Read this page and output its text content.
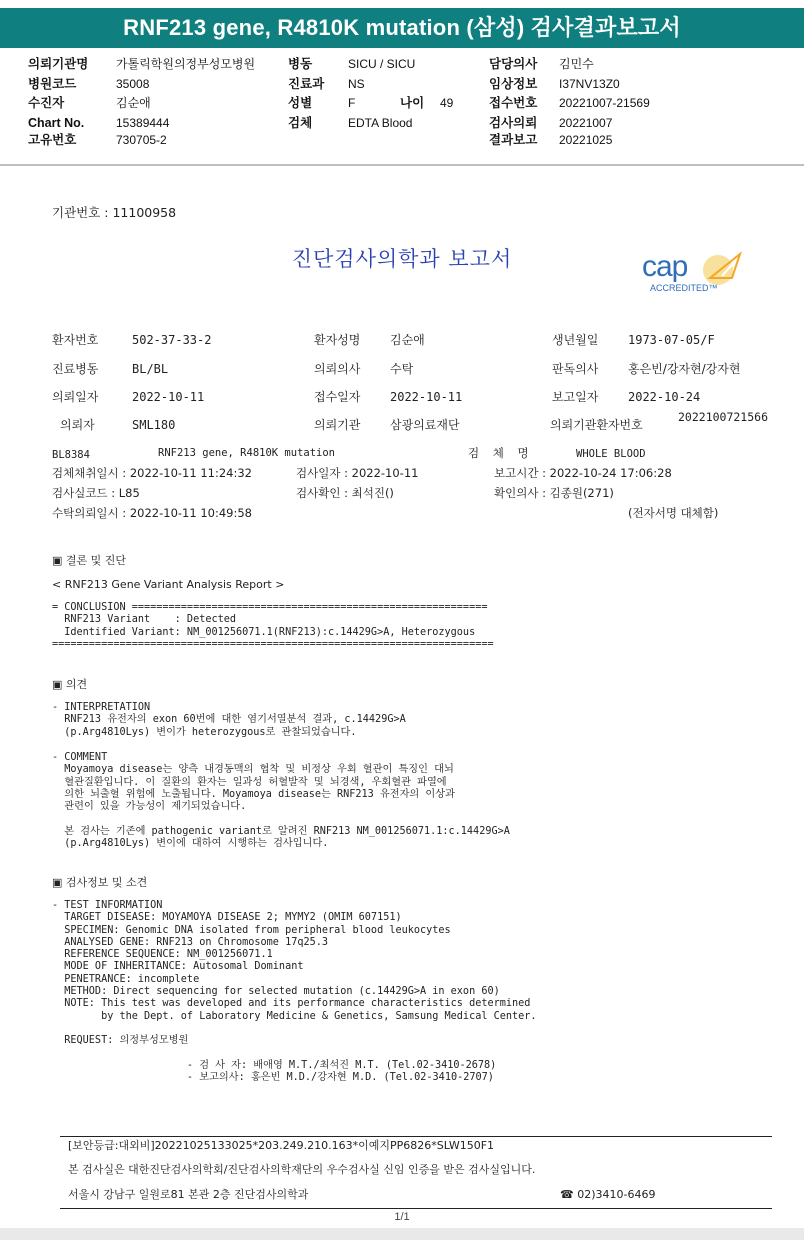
RNF213 gene, R4810K mutation (삼성) 검사결과보고서
의뢰기관명 가톨릭학원의정부성모병원
병원코드	35008
수진자	김순애
Chart No.	15389444
고유번호	730705-2
병동	SICU / SICU
진료과 NS
성별	F	나이 49
검체	EDTA Blood
담당의사 김민수
임상정보 I37NV13Z0
접수번호 20221007-21569
검사의뢰 20221007
결과보고 20221025
기관번호 : 11100958
진단검사의학과 보고서	cap
ACCREDITED™
환자번호	502-37-33-2	환자성명 김순애	생년월일 1973-07-05/F
진료병동	BL/BL	의뢰의사 수탁	판독의사 홍은빈/강자현/강자현
의뢰일자	2022-10-11	접수일자 2022-10-11	보고일자 2022-10-24
의뢰자	SML180	의뢰기관 삼광의료재단	의뢰기관환자번호
2022100721566
BL8384	RNF213 gene, R4810K mutation	검 체 명	WHOLE BLOOD
검체채취일시 : 2022-10-11 11:24:32	검사일자 : 2022-10-11	보고시간 : 2022-10-24 17:06:28
검사실코드 : L85	검사확인 : 최석진()	확인의사 : 김종원(271)
수탁의뢰일시 : 2022-10-11 10:49:58	(전자서명 대체함)
▣ 결론 및 진단
< RNF213 Gene Variant Analysis Report >
= CONCLUSION ==========================================================
RNF213 Variant    : Detected
Identified Variant: NM_001256071.1(RNF213):c.14429G>A, Heterozygous
========================================================================
▣ 의견
- INTERPRETATION
RNF213 유전자의 exon 60번에 대한 염기서열분석 결과, c.14429G>A
(p.Arg4810Lys) 변이가 heterozygous로 관찰되었습니다.
- COMMENT
Moyamoya disease는 양측 내경동맥의 협착 및 비정상 우회 혈관이 특징인 대뇌
혈관질환입니다. 이 질환의 환자는 일과성 허혈발작 및 뇌경색, 우회혈관 파열에
의한 뇌출혈 위험에 노출됩니다. Moyamoya disease는 RNF213 유전자의 이상과
관련이 있을 가능성이 제기되었습니다.

본 검사는 기존에 pathogenic variant로 알려진 RNF213 NM_001256071.1:c.14429G>A
(p.Arg4810Lys) 변이에 대하여 시행하는 검사입니다.
▣ 검사정보 및 소견
- TEST INFORMATION
TARGET DISEASE: MOYAMOYA DISEASE 2; MYMY2 (OMIM 607151)
SPECIMEN: Genomic DNA isolated from peripheral blood leukocytes
ANALYSED GENE: RNF213 on Chromosome 17q25.3
REFERENCE SEQUENCE: NM_001256071.1
MODE OF INHERITANCE: Autosomal Dominant
PENETRANCE: incomplete
METHOD: Direct sequencing for selected mutation (c.14429G>A in exon 60)
NOTE: This test was developed and its performance characteristics determined
by the Dept. of Laboratory Medicine & Genetics, Samsung Medical Center.

REQUEST: 의정부성모병원

- 검 사 자: 배애영 M.T./최석진 M.T. (Tel.02-3410-2678)
- 보고의사: 홍은빈 M.D./강자현 M.D. (Tel.02-3410-2707)
[보안등급:대외비]20221025133025*203.249.210.163*이예지PP6826*SLW150F1
본 검사실은 대한진단검사의학회/진단검사의학재단의 우수검사실 신임 인증을 받은 검사실입니다.
서울시 강남구 일원로81 본관 2층 진단검사의학과	☎ 02)3410-6469
1/1
